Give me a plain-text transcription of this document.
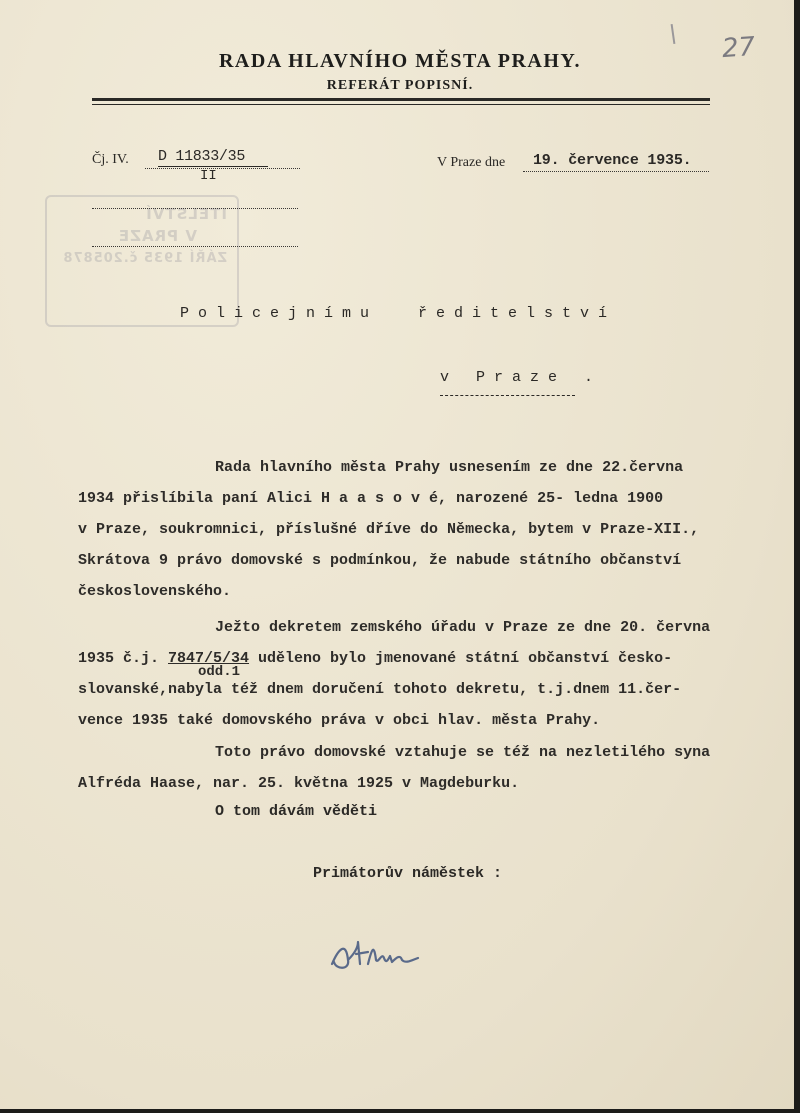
27
RADA HLAVNÍHO MĚSTA PRAHY.
REFERÁT POPISNÍ.
ITELSTVÍ
V PRAZE
ZÁŘÍ 1935 č.205878
Čj. IV. D 11833/35
II
V Praze dne 19. července 1935.
Policejnímu ředitelství
v Praze .
Rada hlavního města Prahy usnesením ze dne 22.června
1934 přislíbila paní Alici H a a s o v é, narozené 25- ledna 1900
v Praze, soukromnici, příslušné dříve do Německa, bytem v Praze-XII.,
Skrátova 9 právo domovské s podmínkou, že nabude státního občanství
československého.
Ježto dekretem zemského úřadu v Praze ze dne 20. června
1935 č.j. 7847/5/34 uděleno bylo jmenované státní občanství česko-
slovanské,nabyla též dnem doručení tohoto dekretu, t.j.dnem 11.čer-
vence 1935 také domovského práva v obci hlav. města Prahy.
odd.1
Toto právo domovské vztahuje se též na nezletilého syna
Alfréda Haase, nar. 25. května 1925 v Magdeburku.
O tom dávám věděti
Primátorův náměstek :
